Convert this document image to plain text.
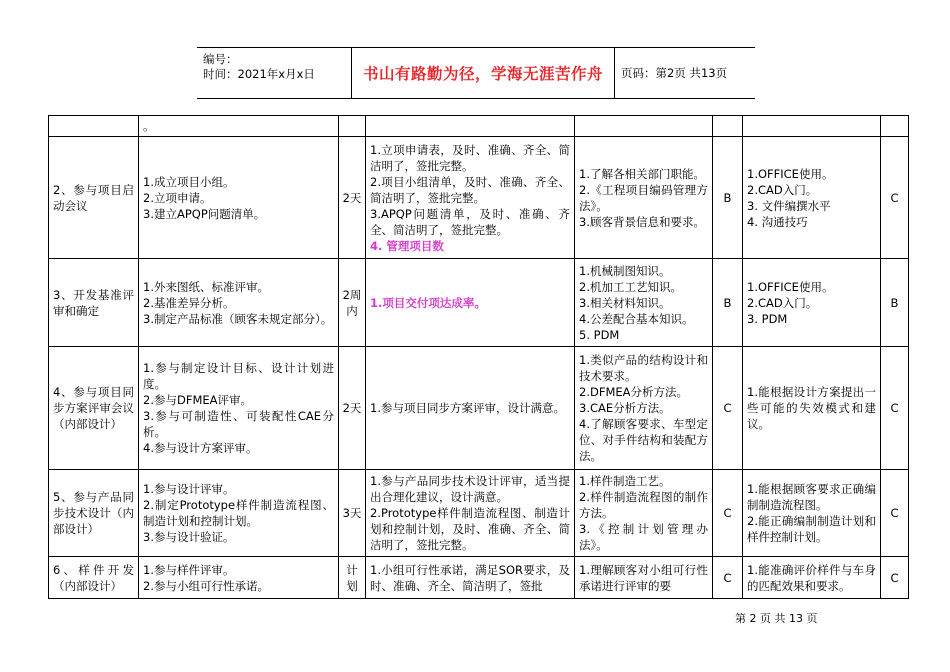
编号：
时间：2021年x月x日	书山有路勤为径，学海无涯苦作舟	页码：第2页 共13页

	。						

2、参与项目启动会议	1.成立项目小组。
2.立项申请。
3.建立APQP问题清单。	2天	1.立项申请表，及时、准确、齐全、简洁明了，签批完整。
2.项目小组清单，及时、准确、齐全、简洁明了，签批完整。
3.APQP问题清单，及时、准确、齐全、简洁明了，签批完整。
4. 管理项目数	1.了解各相关部门职能。
2.《工程项目编码管理方法》。
3.顾客背景信息和要求。	B	1.OFFICE使用。
2.CAD入门。
3. 文件编撰水平
4. 沟通技巧	C
3、开发基准评审和确定	1.外来图纸、标准评审。
2.基准差异分析。
3.制定产品标准（顾客未规定部分）。	2周内	1.项目交付项达成率。	1.机械制图知识。
2.机加工工艺知识。
3.相关材料知识。
4.公差配合基本知识。
5. PDM	B	1.OFFICE使用。
2.CAD入门。
3. PDM	B
4、参与项目同步方案评审会议（内部设计）	1.参与制定设计目标、设计计划进度。
2.参与DFMEA评审。
3.参与可制造性、可装配性CAE分析。
4.参与设计方案评审。	2天	1.参与项目同步方案评审，设计满意。	1.类似产品的结构设计和技术要求。
2.DFMEA分析方法。
3.CAE分析方法。
4.了解顾客要求、车型定位、对手件结构和装配方法。	C	1.能根据设计方案提出一些可能的失效模式和建议。	C
5、参与产品同步技术设计（内部设计）	1.参与设计评审。
2.制定Prototype样件制造流程图、制造计划和控制计划。
3.参与设计验证。	3天	1.参与产品同步技术设计评审，适当提出合理化建议，设计满意。
2.Prototype样件制造流程图、制造计划和控制计划，及时、准确、齐全、简洁明了，签批完整。	1.样件制造工艺。
2.样件制造流程图的制作方法。
3.《控制计划管理办法》。	C	1.能根据顾客要求正确编制制造流程图。
2.能正确编制制造计划和样件控制计划。	C
6、样件开发（内部设计）	1.参与样件评审。
2.参与小组可行性承诺。	计划	1.小组可行性承诺，满足SOR要求，及时、准确、齐全、简洁明了，签批	1.理解顾客对小组可行性承诺进行评审的要	C	1.能准确评价样件与车身的匹配效果和要求。	C
第 2 页 共 13 页
